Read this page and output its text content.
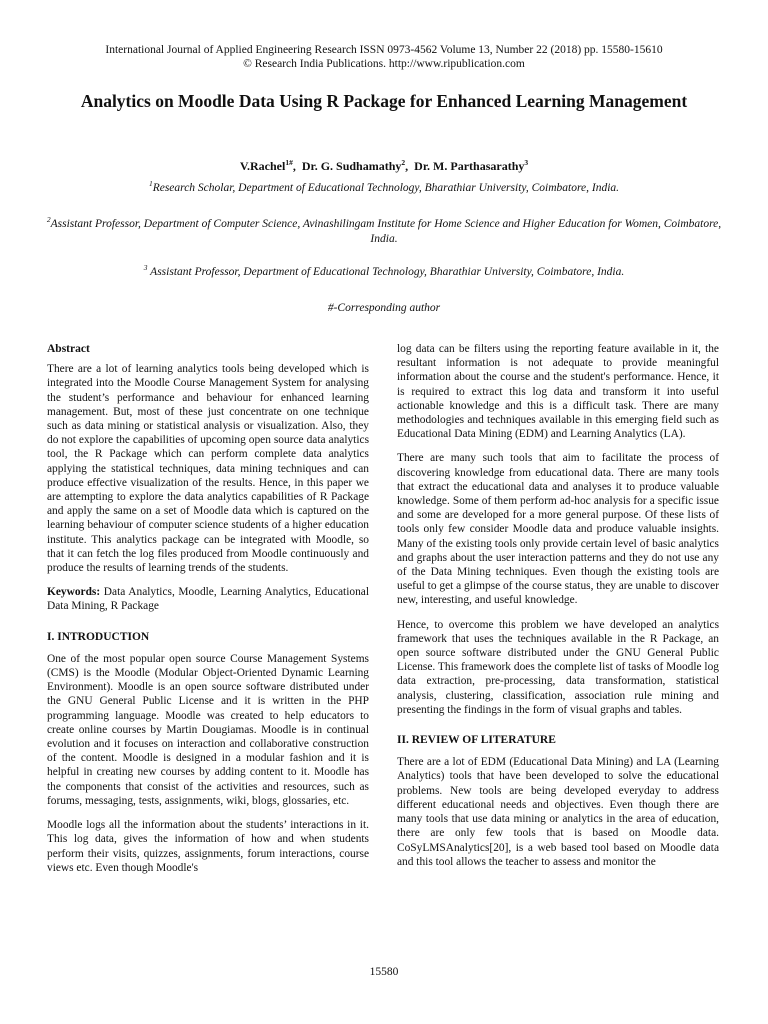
International Journal of Applied Engineering Research ISSN 0973-4562 Volume 13, Number 22 (2018) pp. 15580-15610
© Research India Publications. http://www.ripublication.com
Analytics on Moodle Data Using R Package for Enhanced Learning Management
V.Rachel$^{1\#}$,  Dr. G. Sudhamathy$^2$,  Dr. M. Parthasarathy$^3$
$^1$Research Scholar, Department of Educational Technology, Bharathiar University, Coimbatore, India.
$^2$Assistant Professor, Department of Computer Science, Avinashilingam Institute for Home Science and Higher Education for Women, Coimbatore, India.
$^3$ Assistant Professor, Department of Educational Technology, Bharathiar University, Coimbatore, India.
#-Corresponding author
Abstract

There are a lot of learning analytics tools being developed which is integrated into the Moodle Course Management System for analysing the student’s performance and behaviour for enhanced learning management. But, most of these just concentrate on one technique such as data mining or statistical analysis or visualization. Also, they do not explore the capabilities of upcoming open source data analytics tool, the R Package which can perform complete data analytics applying the statistical techniques, data mining techniques and can produce effective visualization of the results. Hence, in this paper we are attempting to explore the data analytics capabilities of R Package and apply the same on a set of Moodle data which is captured on the learning behaviour of computer science students of a higher education institute. This analytics package can be integrated with Moodle, so that it can fetch the log files produced from Moodle continuously and produce the results of learning trends of the students.

Keywords: Data Analytics, Moodle, Learning Analytics, Educational Data Mining, R Package

I. INTRODUCTION

One of the most popular open source Course Management Systems (CMS) is the Moodle (Modular Object-Oriented Dynamic Learning Environment). Moodle is an open source software distributed under the GNU General Public License and it is written in the PHP programming language. Moodle was created to help educators to create online courses by Martin Dougiamas. Moodle is in continual evolution and it focuses on interaction and collaborative construction of the content. Moodle is designed in a modular fashion and it is helpful in creating new courses by adding content to it. Moodle has the components that consist of the activities and resources, such as forums, messaging, tests, assignments, wiki, blogs, glossaries, etc.

Moodle logs all the information about the students’ interactions in it. This log data, gives the information of how and when students perform their visits, quizzes, assignments, forum interactions, course views etc. Even though Moodle's

log data can be filters using the reporting feature available in it, the resultant information is not adequate to provide meaningful information about the course and the student's performance. Hence, it is required to extract this log data and transform it into useful actionable knowledge and this is a difficult task. There are many methodologies and techniques available in this emerging field such as Educational Data Mining (EDM) and Learning Analytics (LA).

There are many such tools that aim to facilitate the process of discovering knowledge from educational data. There are many tools that extract the educational data and analyses it to produce valuable knowledge. Some of them perform ad-hoc analysis for a specific issue and some are developed for a more general purpose. Of these lists of tools only few consider Moodle data and produce valuable insights. Many of the existing tools only provide certain level of basic analytics and graphs about the user interaction patterns and they do not use any of the Data Mining techniques. Even though the existing tools are useful to get a glimpse of the course status, they are unable to discover new, interesting, and useful knowledge.

Hence, to overcome this problem we have developed an analytics framework that uses the techniques available in the R Package, an open source software distributed under the GNU General Public License. This framework does the complete list of tasks of Moodle log data extraction, pre-processing, data transformation, statistical analysis, clustering, classification, association rule mining and presenting the findings in the form of visual graphs and tables.

II. REVIEW OF LITERATURE

There are a lot of EDM (Educational Data Mining) and LA (Learning Analytics) tools that have been developed to solve the educational problems. New tools are being developed everyday to address different educational needs and objectives. Even though there are many tools that use data mining or analytics in the area of education, there are only few tools that is based on Moodle data. CoSyLMSAnalytics[20], is a web based tool based on Moodle data and this tool allows the teacher to assess and monitor the

15580
